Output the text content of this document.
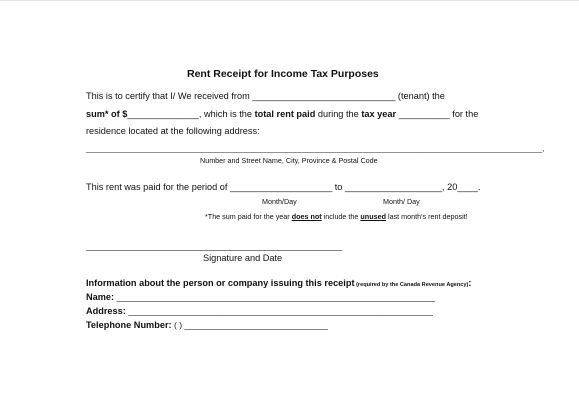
Rent Receipt for Income Tax Purposes
This is to certify that I/ We received from ____________________________ (tenant) the
sum* of $______________, which is the total rent paid during the tax year __________ for the
residence located at the following address:
_______________________________________________________________________________________________________________,
Number and Street Name, City, Province & Postal Code
This rent was paid for the period of ____________________ to ___________________, 20____.
Month/Day	Month/ Day
*The sum paid for the year does not include the unused last month's rent deposit!
_______________________________________________________
Signature and Date
Information about the person or company issuing this receipt (required by the Canada Revenue Agency):
Name: _____________________________________________________________________
Address: __________________________________________________________________
Telephone Number: ( ) ______________________________
